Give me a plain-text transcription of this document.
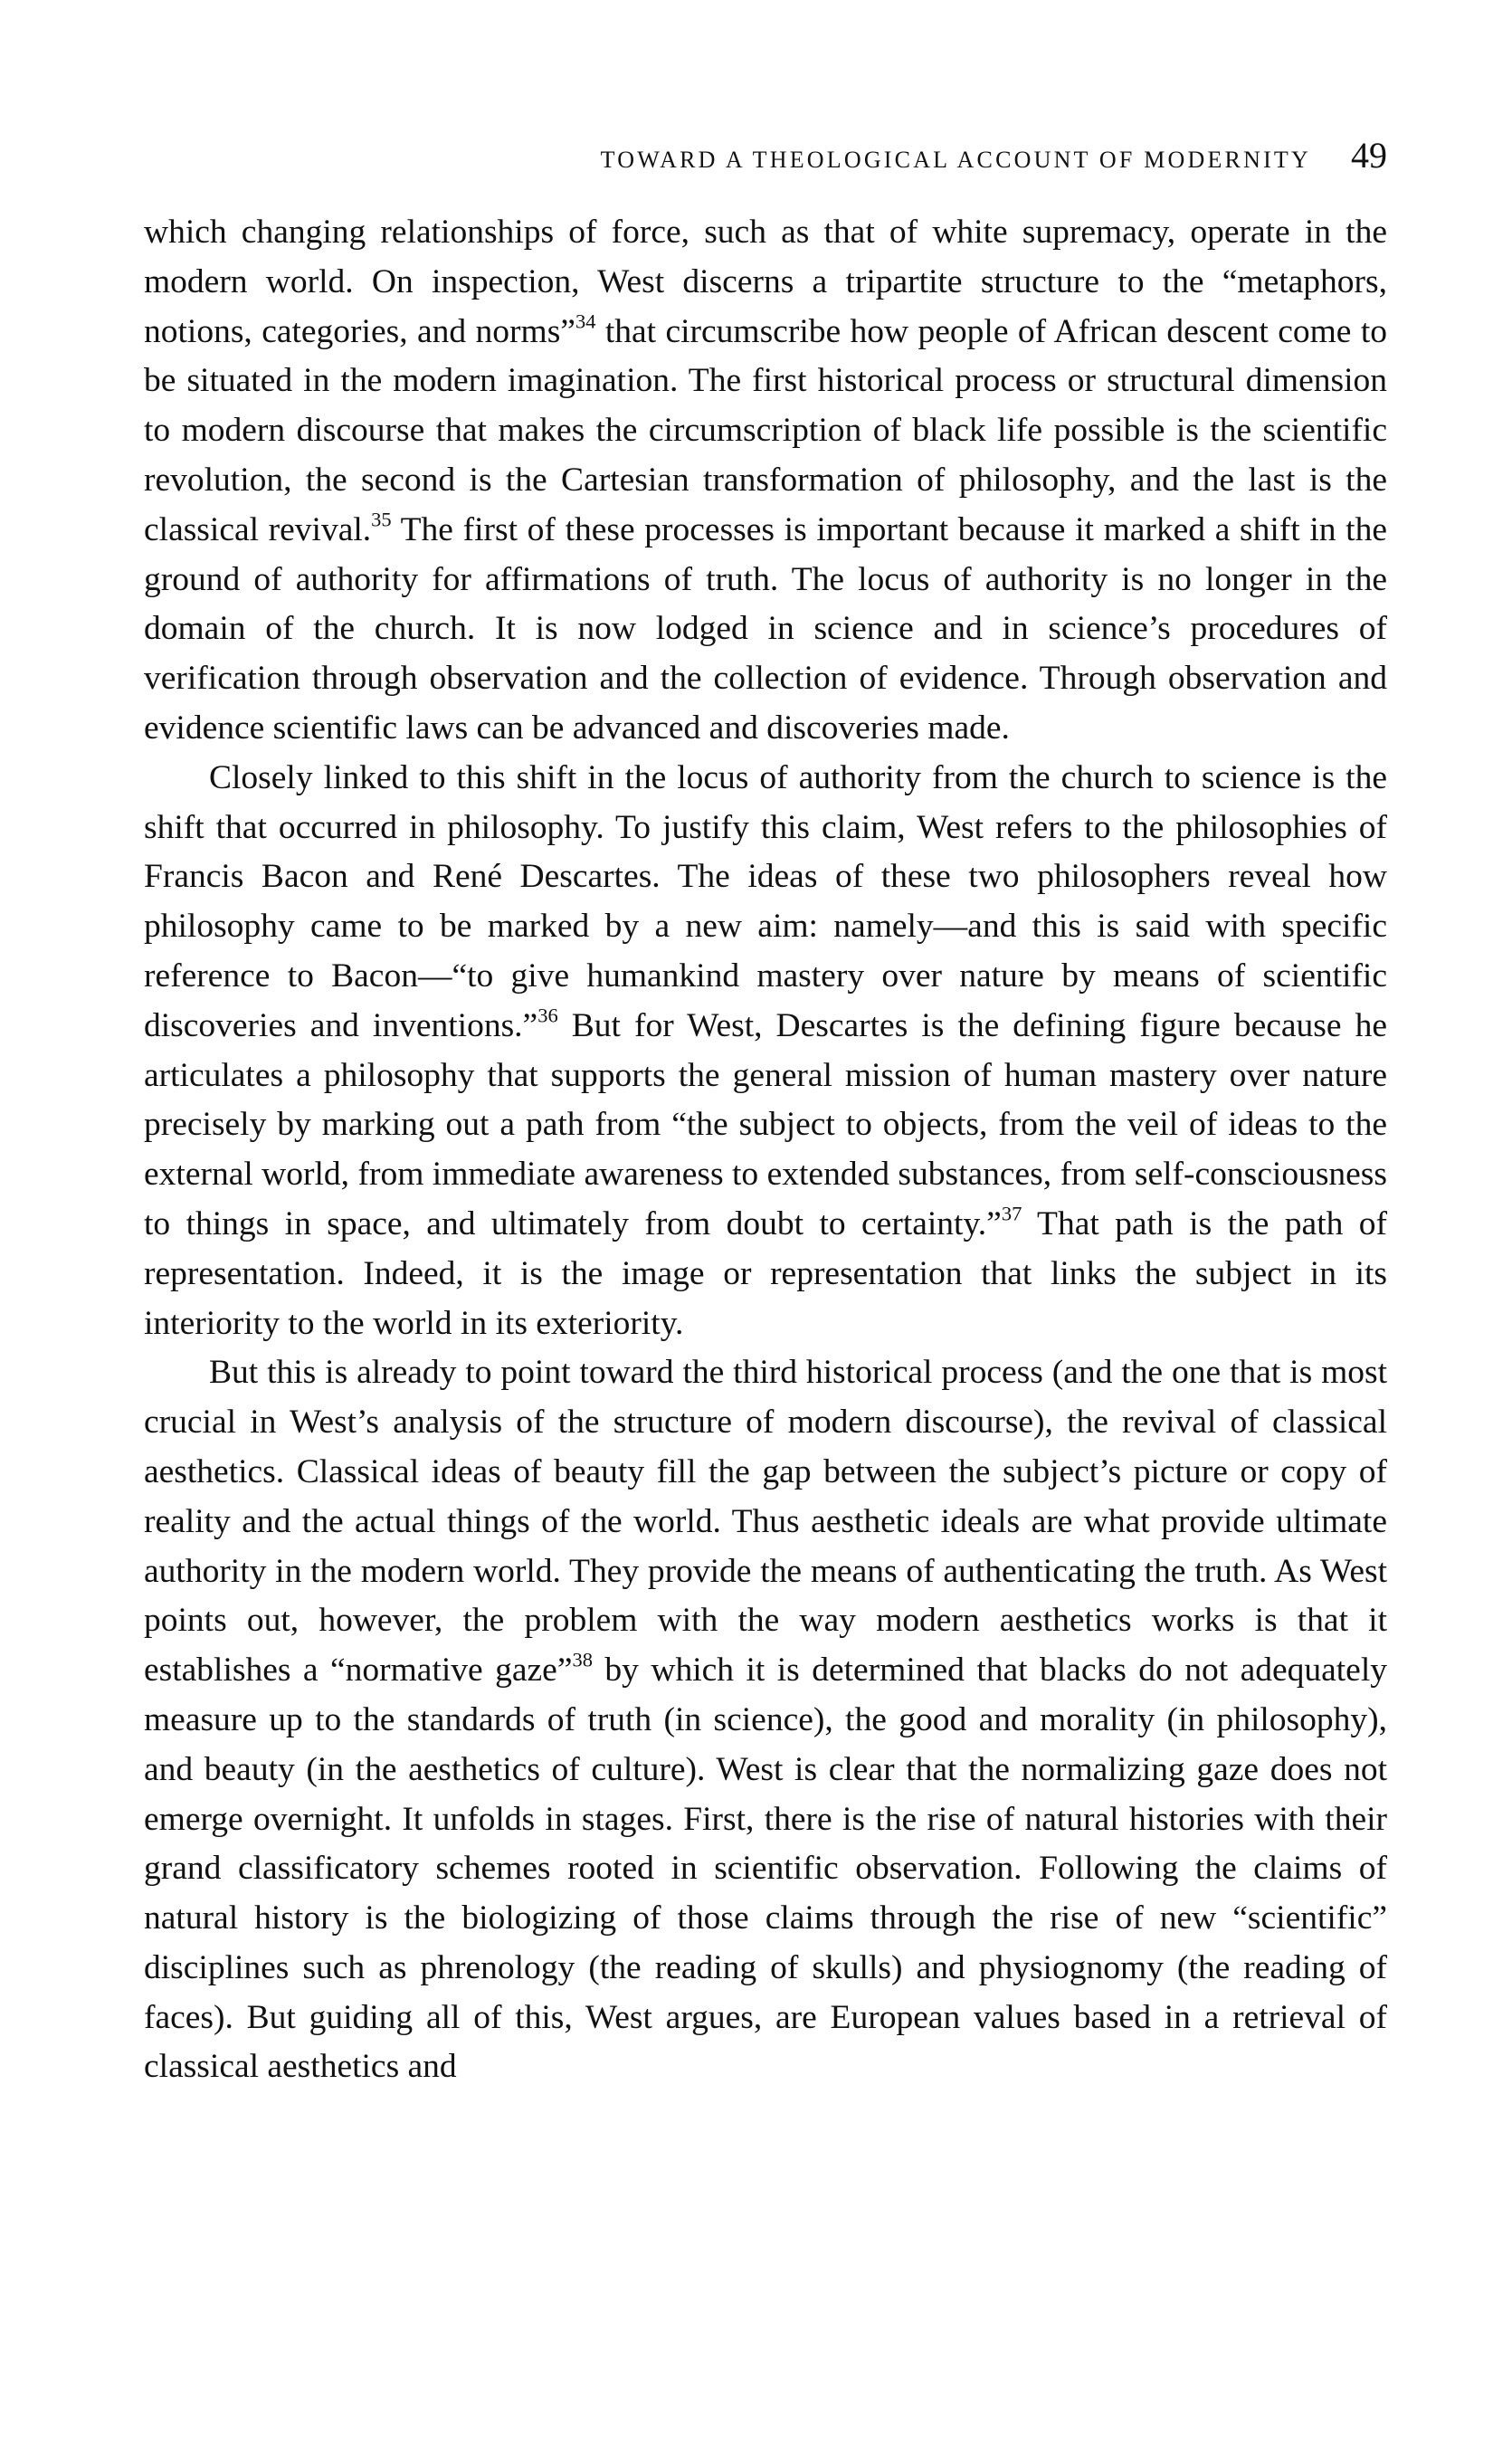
TOWARD A THEOLOGICAL ACCOUNT OF MODERNITY 49

which changing relationships of force, such as that of white supremacy, operate in the modern world. On inspection, West discerns a tripartite structure to the “metaphors, notions, categories, and norms”$^{34}$ that circumscribe how people of African descent come to be situated in the modern imagination. The first historical process or structural dimension to modern discourse that makes the circumscription of black life possible is the scientific revolution, the second is the Cartesian transformation of philosophy, and the last is the classical revival.$^{35}$ The first of these processes is important because it marked a shift in the ground of authority for affirmations of truth. The locus of authority is no longer in the domain of the church. It is now lodged in science and in science’s procedures of verification through observation and the collection of evidence. Through observation and evidence scientific laws can be advanced and discoveries made.

Closely linked to this shift in the locus of authority from the church to science is the shift that occurred in philosophy. To justify this claim, West refers to the philosophies of Francis Bacon and René Descartes. The ideas of these two philosophers reveal how philosophy came to be marked by a new aim: namely—and this is said with specific reference to Bacon—“to give humankind mastery over nature by means of scientific discoveries and inventions.”$^{36}$ But for West, Descartes is the defining figure because he articulates a philosophy that supports the general mission of human mastery over nature precisely by marking out a path from “the subject to objects, from the veil of ideas to the external world, from immediate awareness to extended substances, from self-consciousness to things in space, and ultimately from doubt to certainty.”$^{37}$ That path is the path of representation. Indeed, it is the image or representation that links the subject in its interiority to the world in its exteriority.

But this is already to point toward the third historical process (and the one that is most crucial in West’s analysis of the structure of modern discourse), the revival of classical aesthetics. Classical ideas of beauty fill the gap between the subject’s picture or copy of reality and the actual things of the world. Thus aesthetic ideals are what provide ultimate authority in the modern world. They provide the means of authenticating the truth. As West points out, however, the problem with the way modern aesthetics works is that it establishes a “normative gaze”$^{38}$ by which it is determined that blacks do not adequately measure up to the standards of truth (in science), the good and morality (in philosophy), and beauty (in the aesthetics of culture). West is clear that the normalizing gaze does not emerge overnight. It unfolds in stages. First, there is the rise of natural histories with their grand classificatory schemes rooted in scientific observation. Following the claims of natural history is the biologizing of those claims through the rise of new “scientific” disciplines such as phrenology (the reading of skulls) and physiognomy (the reading of faces). But guiding all of this, West argues, are European values based in a retrieval of classical aesthetics and
